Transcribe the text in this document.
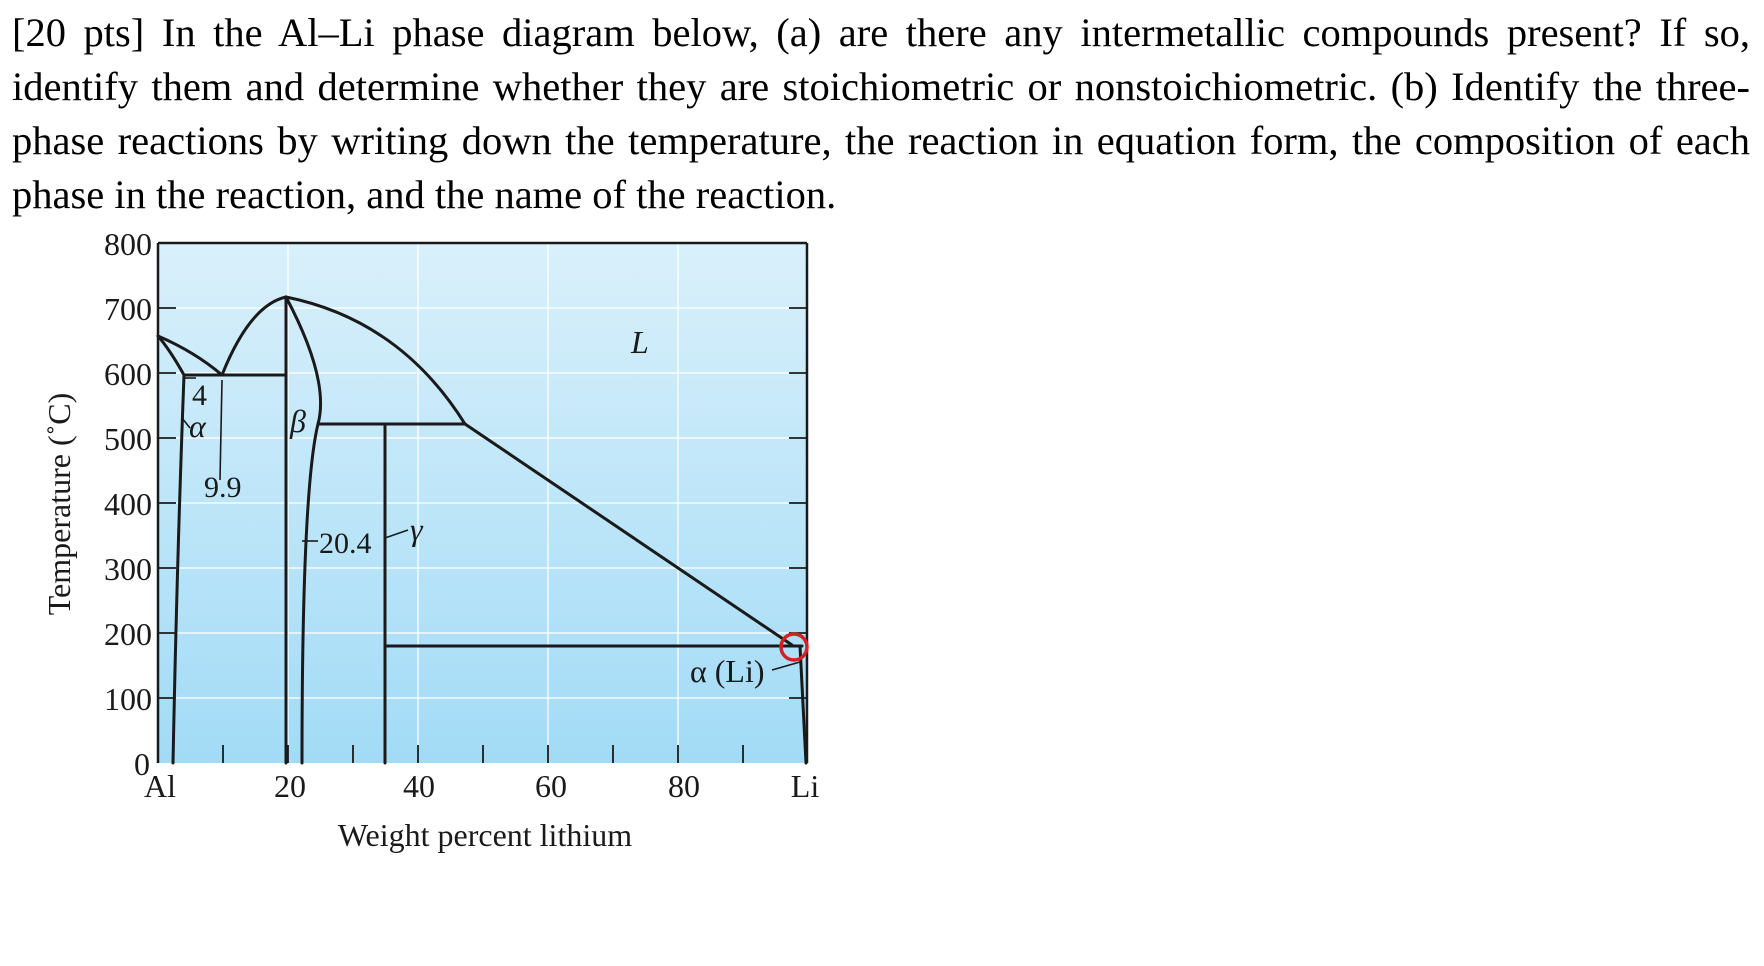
[20 pts] In the Al–Li phase diagram below, (a) are there any intermetallic compounds present? If so, identify them and determine whether they are stoichiometric or nonstoichiometric. (b) Identify the three-phase reactions by writing down the temperature, the reaction in equation form, the composition of each phase in the reaction, and the name of the reaction.

800
700
600
500
400
300
200
100
0
Al	20	40	60	80	Li
Weight percent lithium
Temperature (˚C)
L
α	β
γ
α (Li)
4
9.9
20.4
